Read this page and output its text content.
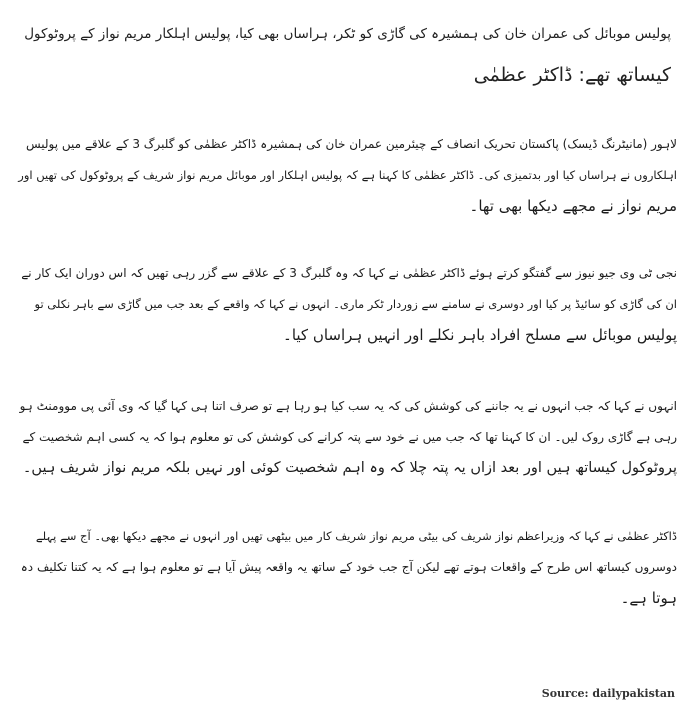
پولیس موبائل کی عمران خان کی ہمشیرہ کی گاڑی کو ٹکر، ہراساں بھی کیا، پولیس اہلکار مریم نواز کے پروٹوکول
کیساتھ تھے: ڈاکٹر عظمٰی
لاہور (مانیٹرنگ ڈیسک) پاکستان تحریک انصاف کے چیئرمین عمران خان کی ہمشیرہ ڈاکٹر عظمٰی کو گلبرگ 3 کے علاقے میں پولیس
اہلکاروں نے ہراساں کیا اور بدتمیزی کی۔ ڈاکٹر عظمٰی کا کہنا ہے کہ پولیس اہلکار اور موبائل مریم نواز شریف کے پروٹوکول کی تھیں اور
مریم نواز نے مجھے دیکھا بھی تھا۔
نجی ٹی وی جیو نیوز سے گفتگو کرتے ہوئے ڈاکٹر عظمٰی نے کہا کہ وہ گلبرگ 3 کے علاقے سے گزر رہی تھیں کہ اس دوران ایک کار نے
ان کی گاڑی کو سائیڈ پر کیا اور دوسری نے سامنے سے زوردار ٹکر ماری۔ انہوں نے کہا کہ واقعے کے بعد جب میں گاڑی سے باہر نکلی تو
پولیس موبائل سے مسلح افراد باہر نکلے اور انہیں ہراساں کیا۔
انہوں نے کہا کہ جب انہوں نے یہ جاننے کی کوشش کی کہ یہ سب کیا ہو رہا ہے تو صرف اتنا ہی کہا گیا کہ وی آئی پی موومنٹ ہو
رہی ہے گاڑی روک لیں۔ ان کا کہنا تھا کہ جب میں نے خود سے پتہ کرانے کی کوشش کی تو معلوم ہوا کہ یہ کسی اہم شخصیت کے
پروٹوکول کیساتھ ہیں اور بعد ازاں یہ پتہ چلا کہ وہ اہم شخصیت کوئی اور نہیں بلکہ مریم نواز شریف ہیں۔
ڈاکٹر عظمٰی نے کہا کہ وزیراعظم نواز شریف کی بیٹی مریم نواز شریف کار میں بیٹھی تھیں اور انہوں نے مجھے دیکھا بھی۔ آج سے پہلے
دوسروں کیساتھ اس طرح کے واقعات ہوتے تھے لیکن آج جب خود کے ساتھ یہ واقعہ پیش آیا ہے تو معلوم ہوا ہے کہ یہ کتنا تکلیف دہ
ہوتا ہے۔
Source: dailypakistan
